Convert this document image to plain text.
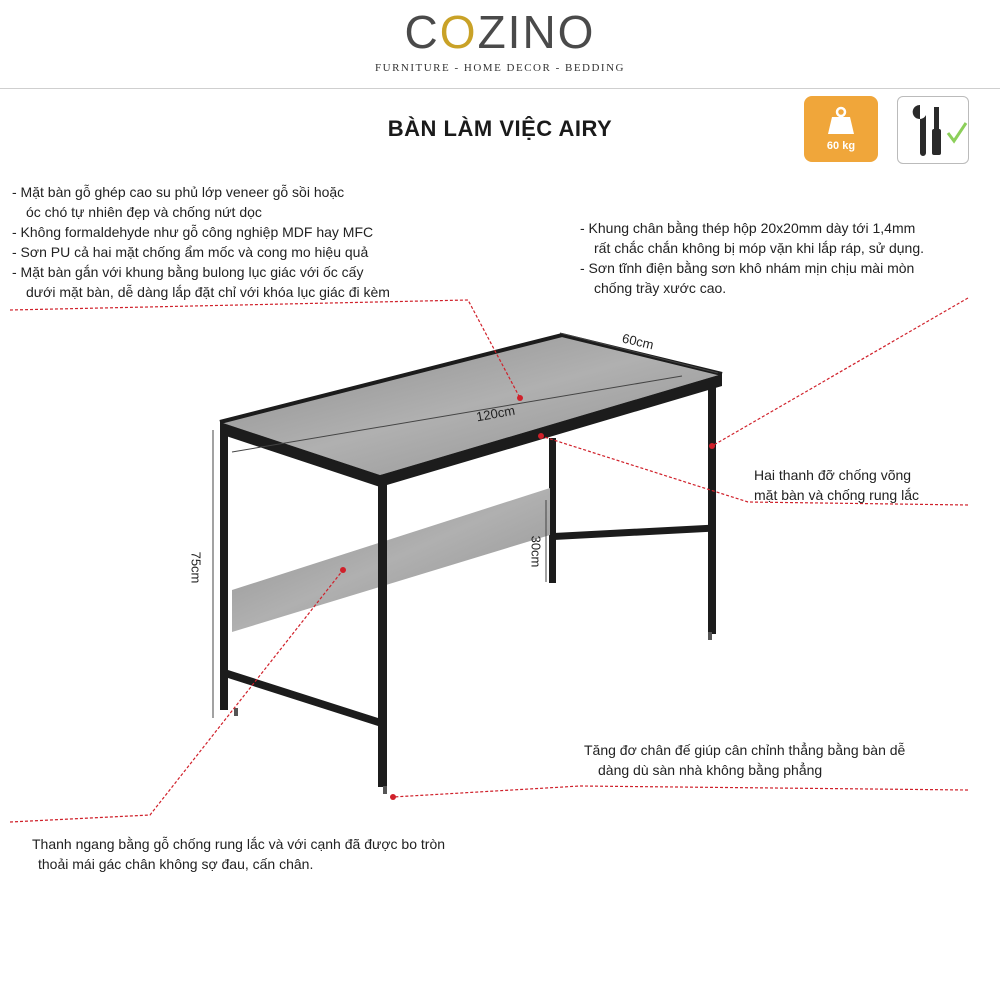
COZINO
FURNITURE - HOME DECOR - BEDDING
BÀN LÀM VIỆC AIRY
60 kg
60cm
120cm
75cm
30cm
- Mặt bàn gỗ ghép cao su phủ lớp veneer gỗ sồi hoặc
óc chó tự nhiên đẹp và chống nứt dọc
- Không formaldehyde như gỗ công nghiệp MDF hay MFC
- Sơn PU cả hai mặt chống ẩm mốc và cong mo hiệu quả
- Mặt bàn gắn với khung bằng bulong lục giác với ốc cấy
dưới mặt bàn, dễ dàng lắp đặt chỉ với khóa lục giác đi kèm
- Khung chân bằng thép hộp 20x20mm dày tới 1,4mm
rất chắc chắn không bị móp vặn khi lắp ráp, sử dụng.
- Sơn tĩnh điện bằng sơn khô nhám mịn chịu mài mòn
chống trầy xước cao.
Hai thanh đỡ chống võng
mặt bàn và chống rung lắc
Tăng đơ chân đế giúp cân chỉnh thẳng bằng bàn dễ
dàng dù sàn nhà không bằng phẳng
Thanh ngang bằng gỗ chống rung lắc và với cạnh đã được bo tròn
thoải mái gác chân không sợ đau, cấn chân.
